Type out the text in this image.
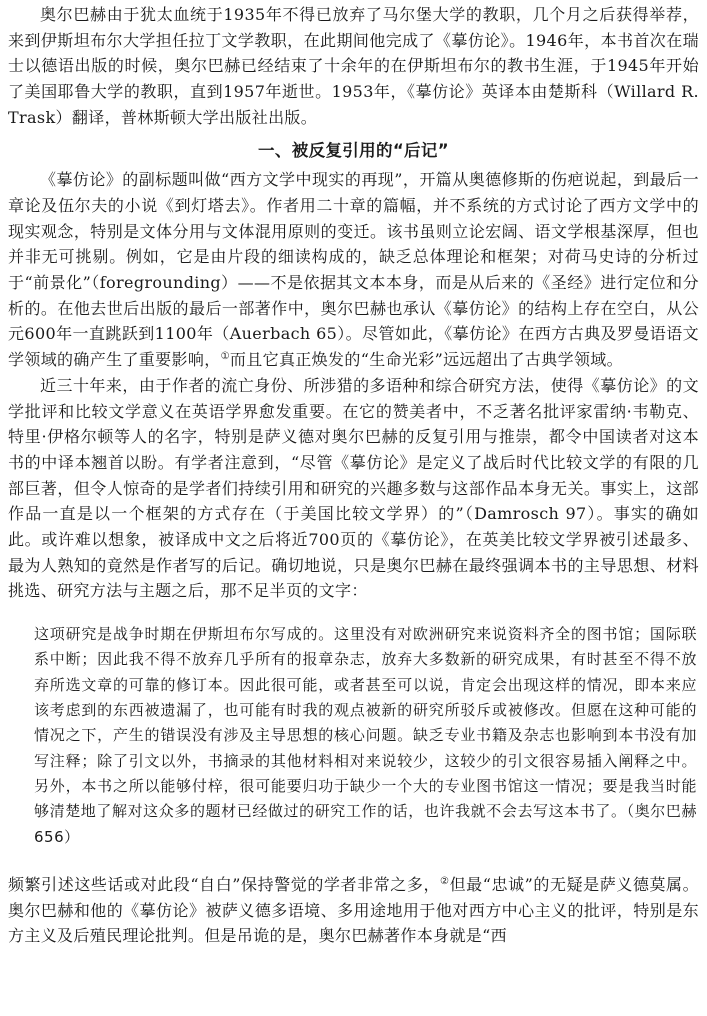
奥尔巴赫由于犹太血统于1935年不得已放弃了马尔堡大学的教职，几个月之后获得举荐，来到伊斯坦布尔大学担任拉丁文学教职，在此期间他完成了《摹仿论》。1946年，本书首次在瑞士以德语出版的时候，奥尔巴赫已经结束了十余年的在伊斯坦布尔的教书生涯，于1945年开始了美国耶鲁大学的教职，直到1957年逝世。1953年，《摹仿论》英译本由楚斯科（Willard R. Trask）翻译，普林斯顿大学出版社出版。

一、被反复引用的“后记”

《摹仿论》的副标题叫做“西方文学中现实的再现”，开篇从奥德修斯的伤疤说起，到最后一章论及伍尔夫的小说《到灯塔去》。作者用二十章的篇幅，并不系统的方式讨论了西方文学中的现实观念，特别是文体分用与文体混用原则的变迁。该书虽则立论宏阔、语文学根基深厚，但也并非无可挑剔。例如，它是由片段的细读构成的，缺乏总体理论和框架；对荷马史诗的分析过于“前景化”（foregrounding）——不是依据其文本本身，而是从后来的《圣经》进行定位和分析的。在他去世后出版的最后一部著作中，奥尔巴赫也承认《摹仿论》的结构上存在空白，从公元600年一直跳跃到1100年（Auerbach 65）。尽管如此，《摹仿论》在西方古典及罗曼语语文学领域的确产生了重要影响，①而且它真正焕发的“生命光彩”远远超出了古典学领域。

近三十年来，由于作者的流亡身份、所涉猎的多语种和综合研究方法，使得《摹仿论》的文学批评和比较文学意义在英语学界愈发重要。在它的赞美者中，不乏著名批评家雷纳·韦勒克、特里·伊格尔顿等人的名字，特别是萨义德对奥尔巴赫的反复引用与推崇，都令中国读者对这本书的中译本翘首以盼。有学者注意到，“尽管《摹仿论》是定义了战后时代比较文学的有限的几部巨著，但令人惊奇的是学者们持续引用和研究的兴趣多数与这部作品本身无关。事实上，这部作品一直是以一个框架的方式存在（于美国比较文学界）的”（Damrosch 97）。事实的确如此。或许难以想象，被译成中文之后将近700页的《摹仿论》，在英美比较文学界被引述最多、最为人熟知的竟然是作者写的后记。确切地说，只是奥尔巴赫在最终强调本书的主导思想、材料挑选、研究方法与主题之后，那不足半页的文字：

这项研究是战争时期在伊斯坦布尔写成的。这里没有对欧洲研究来说资料齐全的图书馆；国际联系中断；因此我不得不放弃几乎所有的报章杂志，放弃大多数新的研究成果，有时甚至不得不放弃所选文章的可靠的修订本。因此很可能，或者甚至可以说，肯定会出现这样的情况，即本来应该考虑到的东西被遗漏了，也可能有时我的观点被新的研究所驳斥或被修改。但愿在这种可能的情况之下，产生的错误没有涉及主导思想的核心问题。缺乏专业书籍及杂志也影响到本书没有加写注释；除了引文以外，书摘录的其他材料相对来说较少，这较少的引文很容易插入阐释之中。另外，本书之所以能够付梓，很可能要归功于缺少一个大的专业图书馆这一情况；要是我当时能够清楚地了解对这众多的题材已经做过的研究工作的话，也许我就不会去写这本书了。（奥尔巴赫 656）

频繁引述这些话或对此段“自白”保持警觉的学者非常之多，②但最“忠诚”的无疑是萨义德莫属。奥尔巴赫和他的《摹仿论》被萨义德多语境、多用途地用于他对西方中心主义的批评，特别是东方主义及后殖民理论批判。但是吊诡的是，奥尔巴赫著作本身就是“西
